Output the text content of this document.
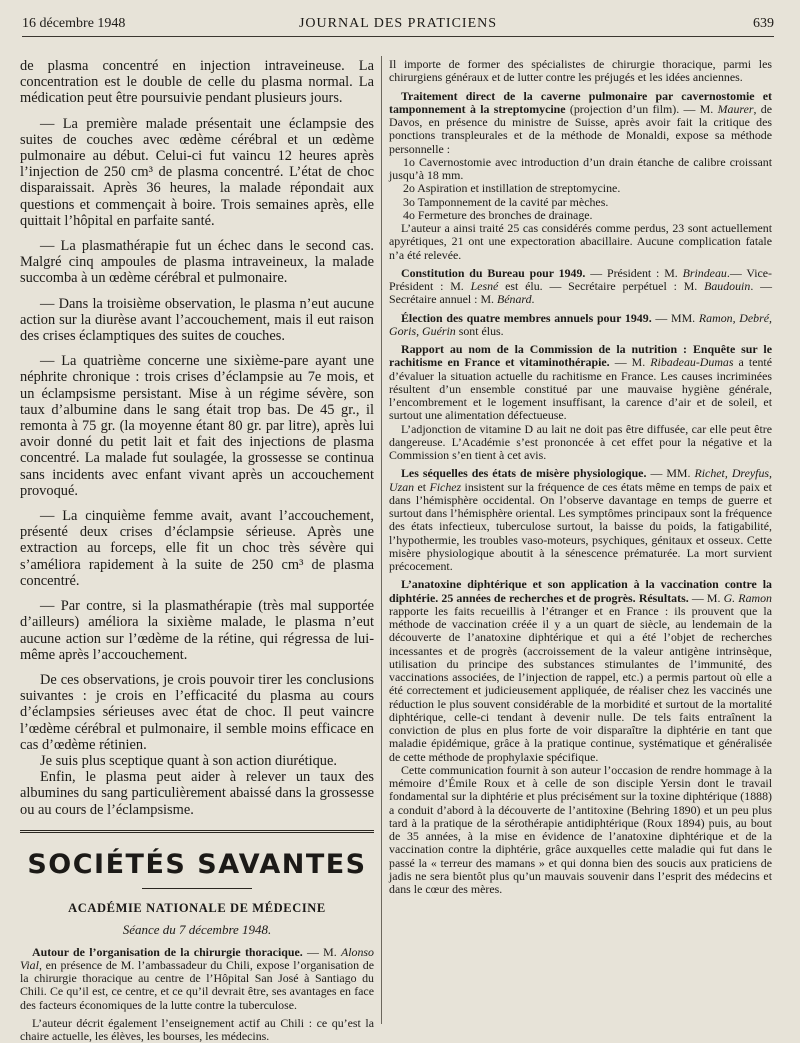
16 décembre 1948	JOURNAL DES PRATICIENS	639

de plasma concentré en injection intraveineuse. La concentration est le double de celle du plasma normal. La médication peut être poursuivie pendant plusieurs jours.

— La première malade présentait une éclampsie des suites de couches avec œdème cérébral et un œdème pulmonaire au début. Celui-ci fut vaincu 12 heures après l’injection de 250 cm³ de plasma concentré. L’état de choc disparaissait. Après 36 heures, la malade répondait aux questions et commençait à boire. Trois semaines après, elle quittait l’hôpital en parfaite santé.

— La plasmathérapie fut un échec dans le second cas. Malgré cinq ampoules de plasma intraveineux, la malade succomba à un œdème cérébral et pulmonaire.

— Dans la troisième observation, le plasma n’eut aucune action sur la diurèse avant l’accouchement, mais il eut raison des crises éclamptiques des suites de couches.

— La quatrième concerne une sixième-pare ayant une néphrite chronique : trois crises d’éclampsie au 7e mois, et un éclampsisme persistant. Mise à un régime sévère, son taux d’albumine dans le sang était trop bas. De 45 gr., il remonta à 75 gr. (la moyenne étant 80 gr. par litre), après lui avoir donné du petit lait et fait des injections de plasma concentré. La malade fut soulagée, la grossesse se continua sans incidents avec enfant vivant après un accouchement provoqué.

— La cinquième femme avait, avant l’accouchement, présenté deux crises d’éclampsie sérieuse. Après une extraction au forceps, elle fit un choc très sévère qui s’améliora rapidement à la suite de 250 cm³ de plasma concentré.

— Par contre, si la plasmathérapie (très mal supportée d’ailleurs) améliora la sixième malade, le plasma n’eut aucune action sur l’œdème de la rétine, qui régressa de lui-même après l’accouchement.

De ces observations, je crois pouvoir tirer les conclusions suivantes : je crois en l’efficacité du plasma au cours d’éclampsies sérieuses avec état de choc. Il peut vaincre l’œdème cérébral et pulmonaire, il semble moins efficace en cas d’œdème rétinien.

Je suis plus sceptique quant à son action diurétique.

Enfin, le plasma peut aider à relever un taux des albumines du sang particulièrement abaissé dans la grossesse ou au cours de l’éclampsisme.

SOCIÉTÉS SAVANTES
ACADÉMIE NATIONALE DE MÉDECINE
Séance du 7 décembre 1948.

Autour de l’organisation de la chirurgie thoracique. — M. Alonso Vial, en présence de M. l’ambassadeur du Chili, expose l’organisation de la chirurgie thoracique au centre de l’Hôpital San José à Santiago du Chili. Ce qu’il est, ce centre, et ce qu’il devrait être, ses avantages en face des facteurs économiques de la lutte contre la tuberculose.

L’auteur décrit également l’enseignement actif au Chili : ce qu’est la chaire actuelle, les élèves, les bourses, les médecins.

Il importe de former des spécialistes de chirurgie thoracique, parmi les chirurgiens généraux et de lutter contre les préjugés et les idées anciennes.

Traitement direct de la caverne pulmonaire par cavernostomie et tamponnement à la streptomycine (projection d’un film). — M. Maurer, de Davos, en présence du ministre de Suisse, après avoir fait la critique des ponctions transpleurales et de la méthode de Monaldi, expose sa méthode personnelle :

1o Cavernostomie avec introduction d’un drain étanche de calibre croissant jusqu’à 18 mm.

2o Aspiration et instillation de streptomycine.

3o Tamponnement de la cavité par mèches.

4o Fermeture des bronches de drainage.

L’auteur a ainsi traité 25 cas considérés comme perdus, 23 sont actuellement apyrétiques, 21 ont une expectoration abacillaire. Aucune complication fatale n’a été relevée.

Constitution du Bureau pour 1949. — Président : M. Brindeau.— Vice-Président : M. Lesné est élu. — Secrétaire perpétuel : M. Baudouin. — Secrétaire annuel : M. Bénard.

Élection des quatre membres annuels pour 1949. — MM. Ramon, Debré, Goris, Guérin sont élus.

Rapport au nom de la Commission de la nutrition : Enquête sur le rachitisme en France et vitaminothérapie. — M. Ribadeau-Dumas a tenté d’évaluer la situation actuelle du rachitisme en France. Les causes incriminées résultent d’un ensemble constitué par une mauvaise hygiène générale, l’encombrement et le logement insuffisant, la carence d’air et de soleil, et surtout une alimentation défectueuse.

L’adjonction de vitamine D au lait ne doit pas être diffusée, car elle peut être dangereuse. L’Académie s’est prononcée à cet effet pour la négative et la Commission s’en tient à cet avis.

Les séquelles des états de misère physiologique. — MM. Richet, Dreyfus, Uzan et Fichez insistent sur la fréquence de ces états même en temps de paix et dans l’hémisphère occidental. On l’observe davantage en temps de guerre et surtout dans l’hémisphère oriental. Les symptômes principaux sont la fréquence des états infectieux, tuberculose surtout, la baisse du poids, la fatigabilité, l’hypothermie, les troubles vaso-moteurs, psychiques, génitaux et osseux. Cette misère physiologique aboutit à la sénescence prématurée. La mort survient précocement.

L’anatoxine diphtérique et son application à la vaccination contre la diphtérie. 25 années de recherches et de progrès. Résultats. — M. G. Ramon rapporte les faits recueillis à l’étranger et en France : ils prouvent que la méthode de vaccination créée il y a un quart de siècle, au lendemain de la découverte de l’anatoxine diphtérique et qui a été l’objet de recherches incessantes et de progrès (accroissement de la valeur antigène intrinsèque, utilisation du principe des substances stimulantes de l’immunité, des vaccinations associées, de l’injection de rappel, etc.) a permis partout où elle a été correctement et judicieusement appliquée, de réaliser chez les vaccinés une réduction le plus souvent considérable de la morbidité et surtout de la mortalité diphtérique, celle-ci tendant à devenir nulle. De tels faits entraînent la conviction de plus en plus forte de voir disparaître la diphtérie en tant que maladie épidémique, grâce à la pratique continue, systématique et généralisée de cette méthode de prophylaxie spécifique.

Cette communication fournit à son auteur l’occasion de rendre hommage à la mémoire d’Émile Roux et à celle de son disciple Yersin dont le travail fondamental sur la diphtérie et plus précisément sur la toxine diphtérique (1888) a conduit d’abord à la découverte de l’antitoxine (Behring 1890) et un peu plus tard à la pratique de la sérothérapie antidiphtérique (Roux 1894) puis, au bout de 35 années, à la mise en évidence de l’anatoxine diphtérique et de la vaccination contre la diphtérie, grâce auxquelles cette maladie qui fut dans le passé la « terreur des mamans » et qui donna bien des soucis aux praticiens de jadis ne sera bientôt plus qu’un mauvais souvenir dans l’esprit des médecins et dans le cœur des mères.
